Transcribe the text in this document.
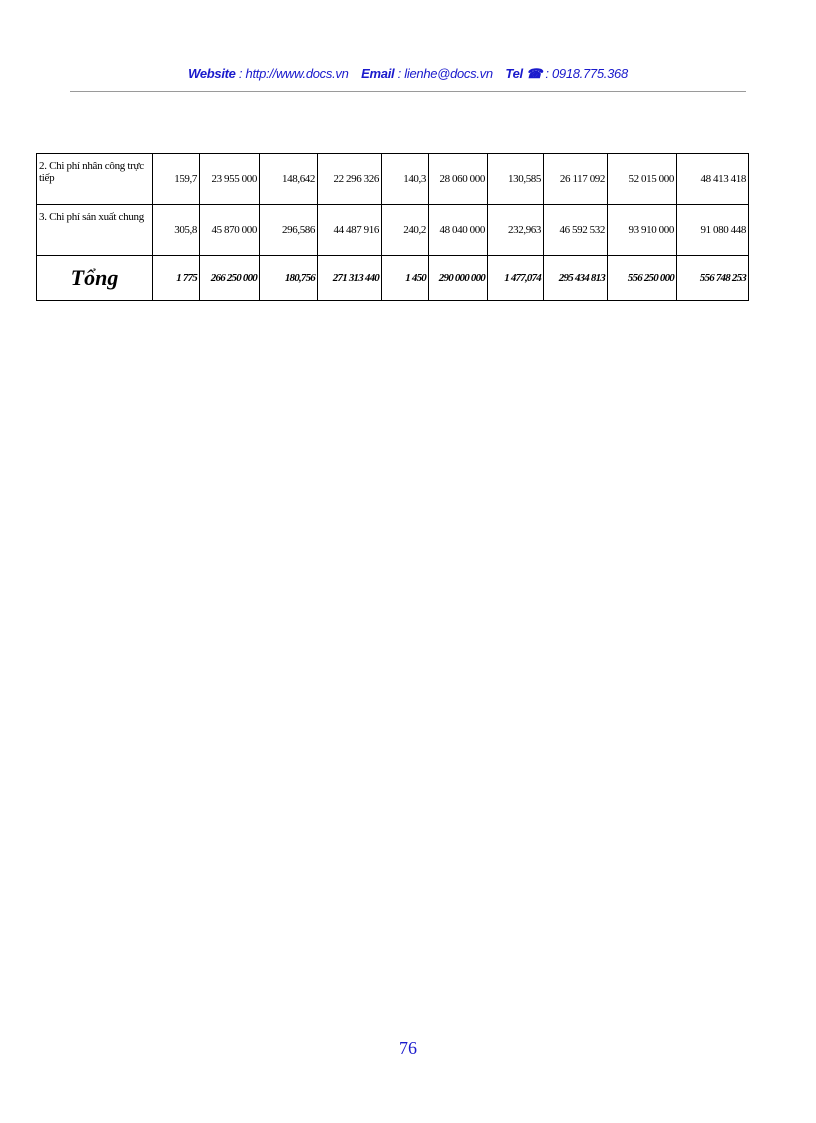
Website : http://www.docs.vn Email : lienhe@docs.vn Tel ☎ : 0918.775.368
2. Chi phí nhân công trực tiếp	159,7	23 955 000	148,642	22 296 326	140,3	28 060 000	130,585	26 117 092	52 015 000	48 413 418
3. Chi phí sản xuất chung	305,8	45 870 000	296,586	44 487 916	240,2	48 040 000	232,963	46 592 532	93 910 000	91 080 448
Tổng	1 775	266 250 000	180,756	271 313 440	1 450	290 000 000	1 477,074	295 434 813	556 250 000	556 748 253
76
